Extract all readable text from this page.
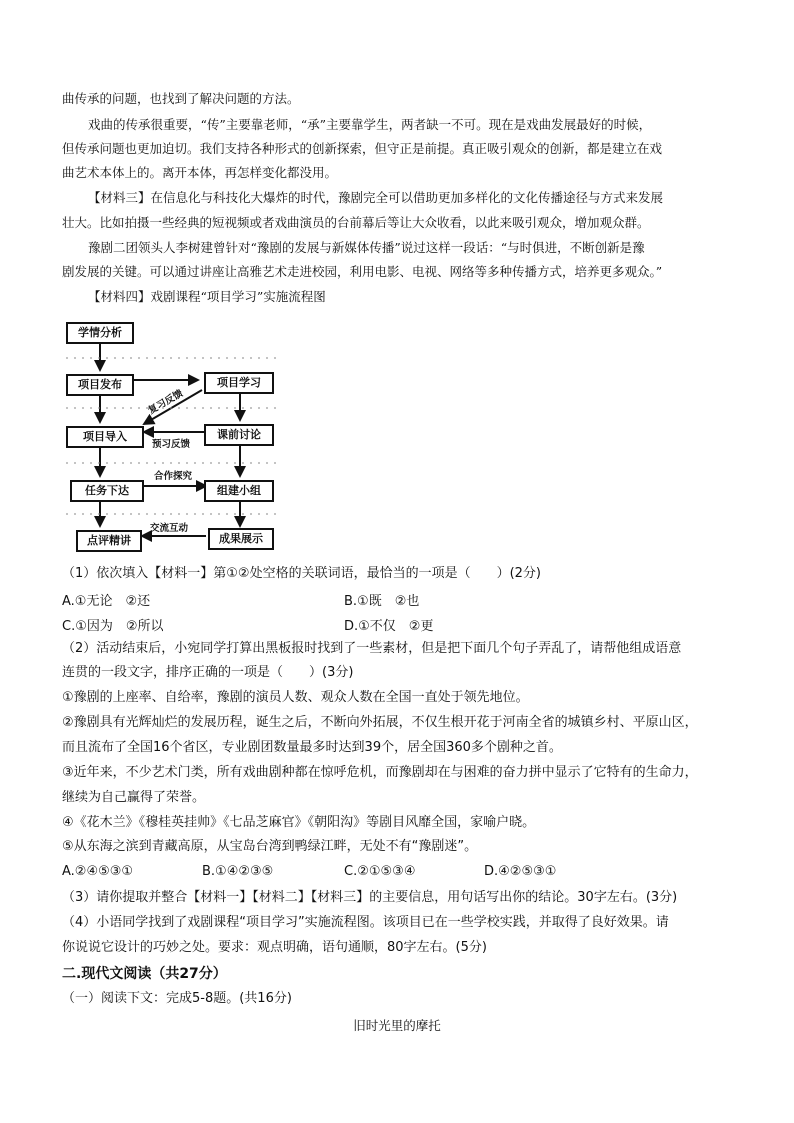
曲传承的问题，也找到了解决问题的方法。
戏曲的传承很重要，“传”主要靠老师，“承”主要靠学生，两者缺一不可。现在是戏曲发展最好的时候，
但传承问题也更加迫切。我们支持各种形式的创新探索，但守正是前提。真正吸引观众的创新，都是建立在戏
曲艺术本体上的。离开本体，再怎样变化都没用。
【材料三】在信息化与科技化大爆炸的时代，豫剧完全可以借助更加多样化的文化传播途径与方式来发展
壮大。比如拍摄一些经典的短视频或者戏曲演员的台前幕后等让大众收看，以此来吸引观众，增加观众群。
豫剧二团领头人李树建曾针对“豫剧的发展与新媒体传播”说过这样一段话：“与时俱进，不断创新是豫
剧发展的关键。可以通过讲座让高雅艺术走进校园，利用电影、电视、网络等多种传播方式，培养更多观众。”
【材料四】戏剧课程“项目学习”实施流程图
学情分析
项目发布	项目学习
项目导入	课前讨论
任务下达	组建小组
点评精讲	成果展示
复习反馈
预习反馈
合作探究
交流互动
（1）依次填入【材料一】第①②处空格的关联词语，最恰当的一项是（　　）(2分)
A.①无论　②还	B.①既　②也
C.①因为　②所以	D.①不仅　②更
（2）活动结束后，小宛同学打算出黑板报时找到了一些素材，但是把下面几个句子弄乱了，请帮他组成语意
连贯的一段文字，排序正确的一项是（　　）(3分)
①豫剧的上座率、自给率，豫剧的演员人数、观众人数在全国一直处于领先地位。
②豫剧具有光辉灿烂的发展历程，诞生之后，不断向外拓展，不仅生根开花于河南全省的城镇乡村、平原山区，
而且流布了全国16个省区，专业剧团数量最多时达到39个，居全国360多个剧种之首。
③近年来，不少艺术门类，所有戏曲剧种都在惊呼危机，而豫剧却在与困难的奋力拼中显示了它特有的生命力，
继续为自己赢得了荣誉。
④《花木兰》《穆桂英挂帅》《七品芝麻官》《朝阳沟》等剧目风靡全国，家喻户晓。
⑤从东海之滨到青藏高原，从宝岛台湾到鸭绿江畔，无处不有“豫剧迷”。
A.②④⑤③①	B.①④②③⑤	C.②①⑤③④	D.④②⑤③①
（3）请你提取并整合【材料一】【材料二】【材料三】的主要信息，用句话写出你的结论。30字左右。(3分)
（4）小语同学找到了戏剧课程“项目学习”实施流程图。该项目已在一些学校实践，并取得了良好效果。请
你说说它设计的巧妙之处。要求：观点明确，语句通顺，80字左右。(5分)
二.现代文阅读（共27分）
（一）阅读下文：完成5-8题。(共16分)
旧时光里的摩托
